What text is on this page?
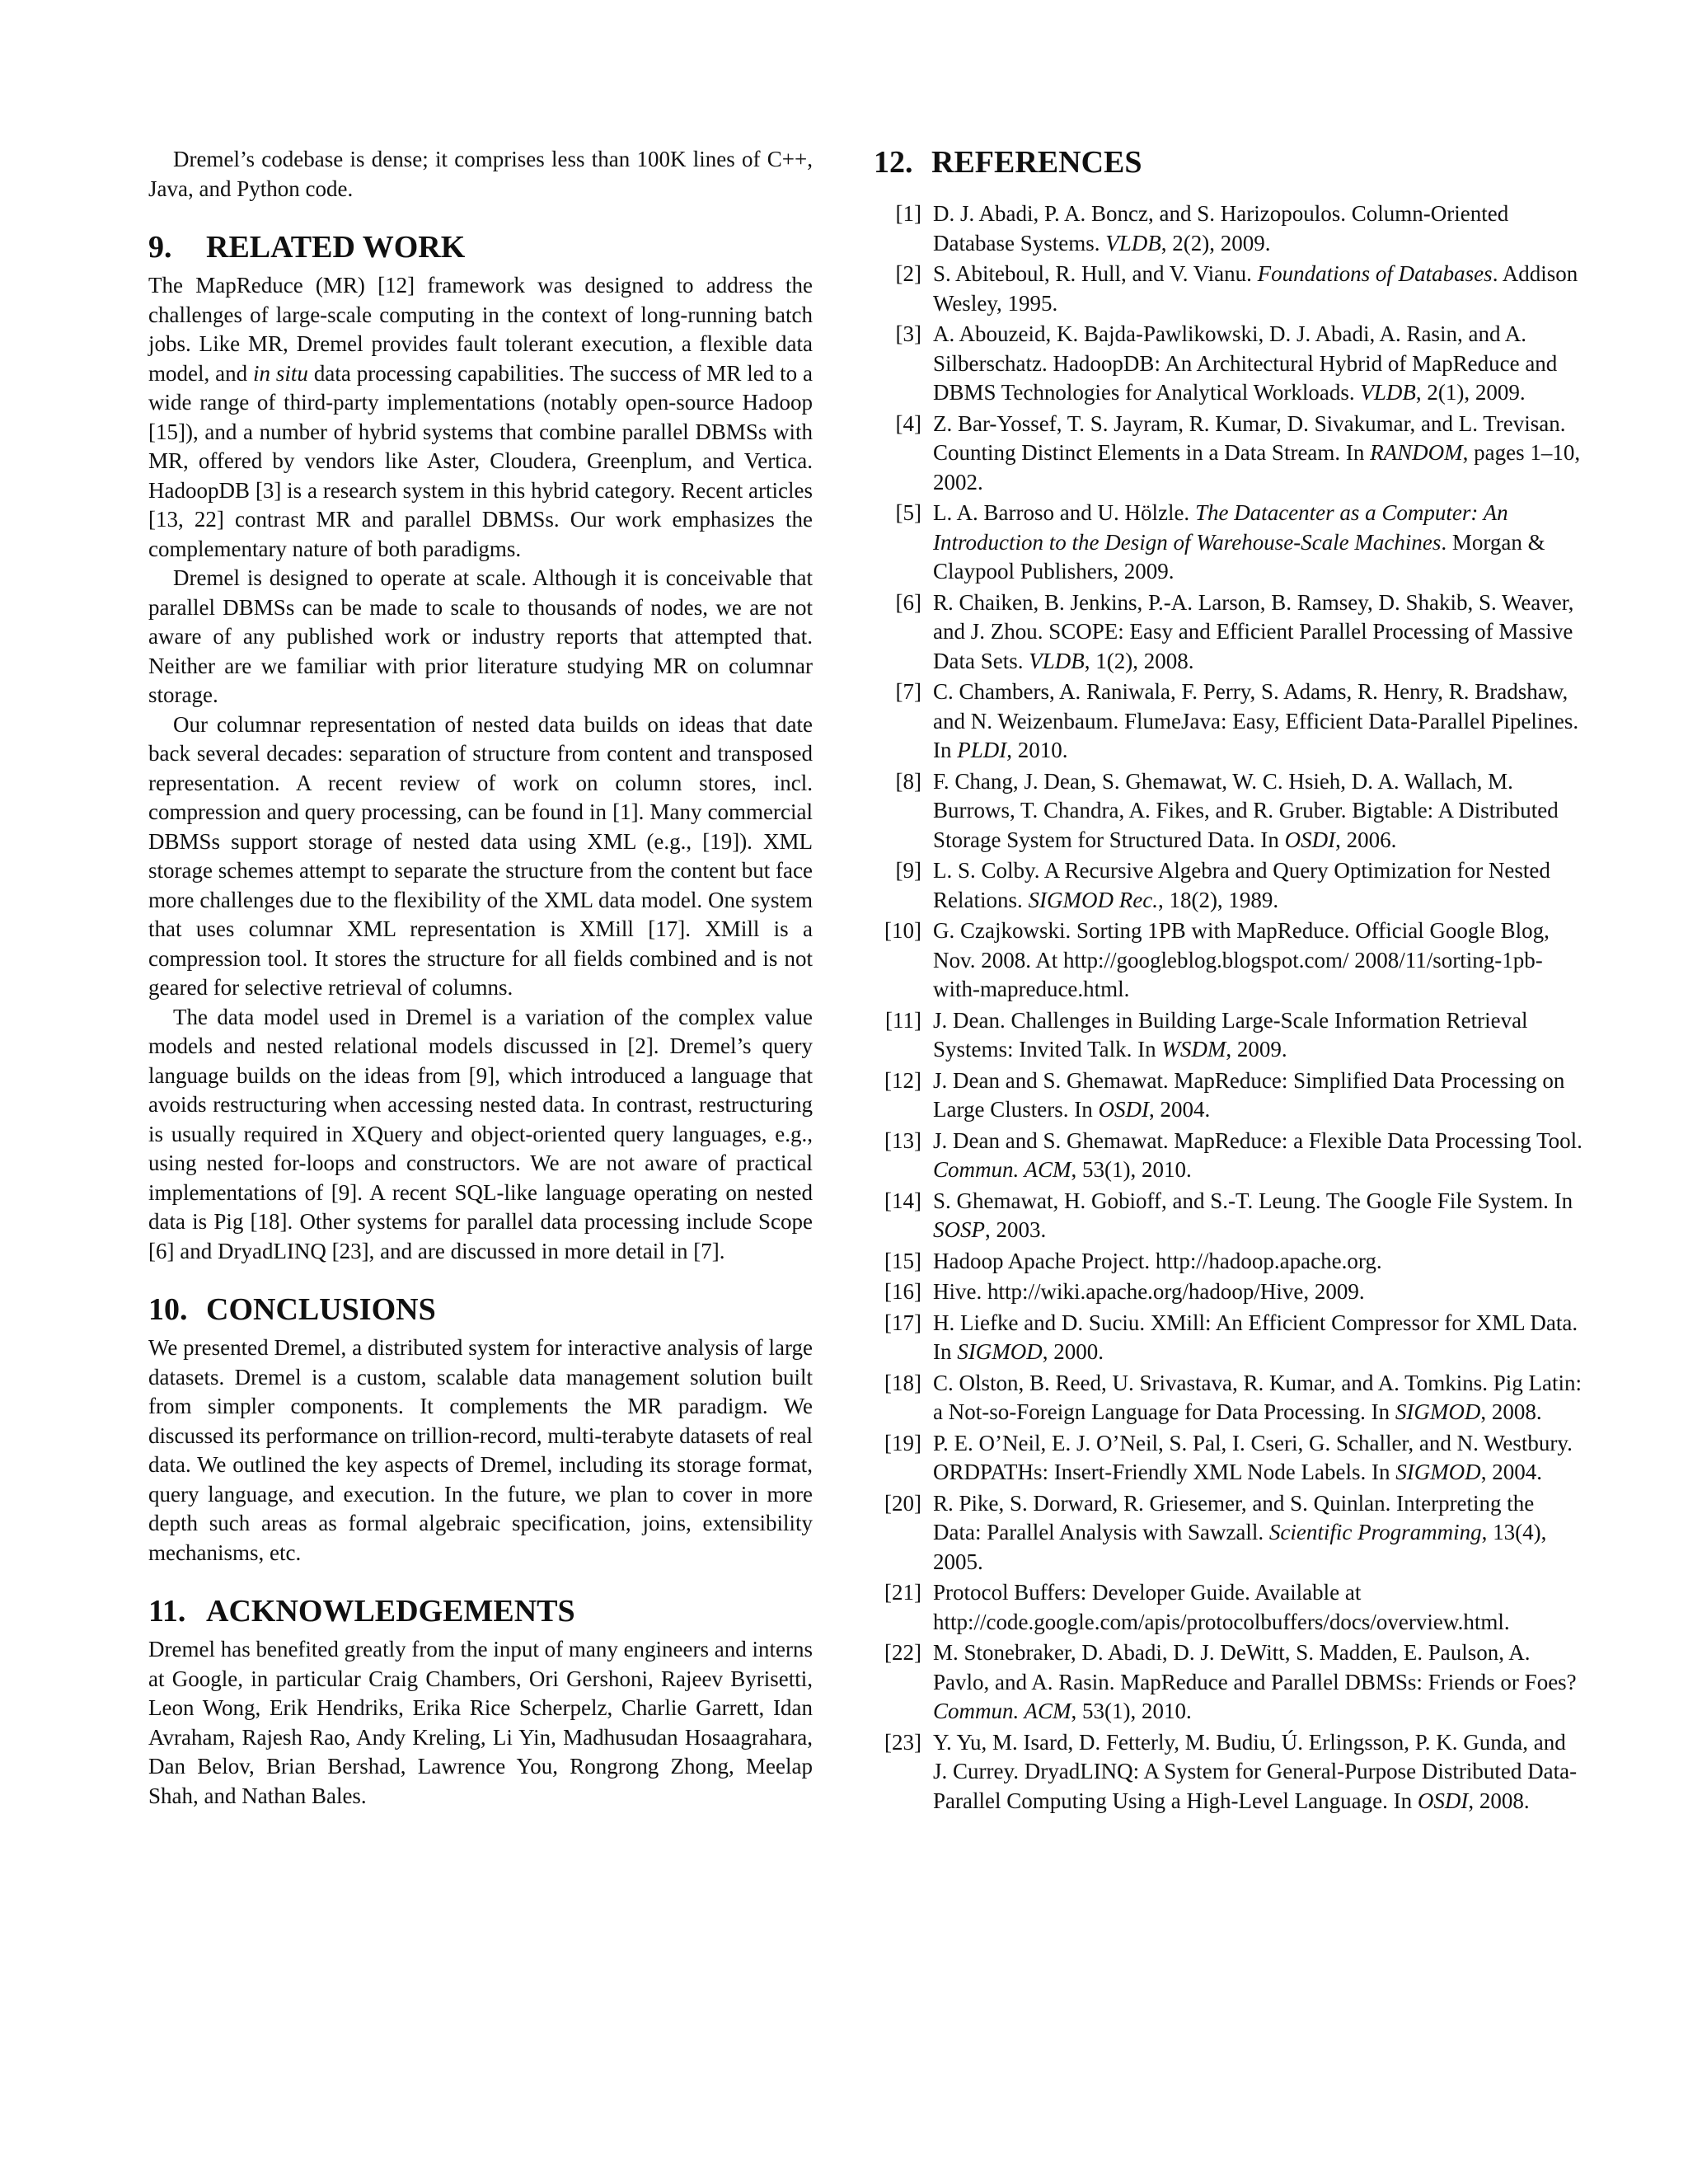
Dremel’s codebase is dense; it comprises less than 100K lines of C++, Java, and Python code.

9. RELATED WORK

The MapReduce (MR) [12] framework was designed to address the challenges of large-scale computing in the context of long-running batch jobs. Like MR, Dremel provides fault tolerant execution, a flexible data model, and in situ data processing capabilities. The success of MR led to a wide range of third-party implementations (notably open-source Hadoop [15]), and a number of hybrid systems that combine parallel DBMSs with MR, offered by vendors like Aster, Cloudera, Greenplum, and Vertica. HadoopDB [3] is a research system in this hybrid category. Recent articles [13, 22] contrast MR and parallel DBMSs. Our work emphasizes the complementary nature of both paradigms.

Dremel is designed to operate at scale. Although it is conceivable that parallel DBMSs can be made to scale to thousands of nodes, we are not aware of any published work or industry reports that attempted that. Neither are we familiar with prior literature studying MR on columnar storage.

Our columnar representation of nested data builds on ideas that date back several decades: separation of structure from content and transposed representation. A recent review of work on column stores, incl. compression and query processing, can be found in [1]. Many commercial DBMSs support storage of nested data using XML (e.g., [19]). XML storage schemes attempt to separate the structure from the content but face more challenges due to the flexibility of the XML data model. One system that uses columnar XML representation is XMill [17]. XMill is a compression tool. It stores the structure for all fields combined and is not geared for selective retrieval of columns.

The data model used in Dremel is a variation of the complex value models and nested relational models discussed in [2]. Dremel’s query language builds on the ideas from [9], which introduced a language that avoids restructuring when accessing nested data. In contrast, restructuring is usually required in XQuery and object-oriented query languages, e.g., using nested for-loops and constructors. We are not aware of practical implementations of [9]. A recent SQL-like language operating on nested data is Pig [18]. Other systems for parallel data processing include Scope [6] and DryadLINQ [23], and are discussed in more detail in [7].

10. CONCLUSIONS

We presented Dremel, a distributed system for interactive analysis of large datasets. Dremel is a custom, scalable data management solution built from simpler components. It complements the MR paradigm. We discussed its performance on trillion-record, multi-terabyte datasets of real data. We outlined the key aspects of Dremel, including its storage format, query language, and execution. In the future, we plan to cover in more depth such areas as formal algebraic specification, joins, extensibility mechanisms, etc.

11. ACKNOWLEDGEMENTS

Dremel has benefited greatly from the input of many engineers and interns at Google, in particular Craig Chambers, Ori Gershoni, Rajeev Byrisetti, Leon Wong, Erik Hendriks, Erika Rice Scherpelz, Charlie Garrett, Idan Avraham, Rajesh Rao, Andy Kreling, Li Yin, Madhusudan Hosaagrahara, Dan Belov, Brian Bershad, Lawrence You, Rongrong Zhong, Meelap Shah, and Nathan Bales.

12. REFERENCES
[1] D. J. Abadi, P. A. Boncz, and S. Harizopoulos. Column-Oriented Database Systems. VLDB, 2(2), 2009.
[2] S. Abiteboul, R. Hull, and V. Vianu. Foundations of Databases. Addison Wesley, 1995.
[3] A. Abouzeid, K. Bajda-Pawlikowski, D. J. Abadi, A. Rasin, and A. Silberschatz. HadoopDB: An Architectural Hybrid of MapReduce and DBMS Technologies for Analytical Workloads. VLDB, 2(1), 2009.
[4] Z. Bar-Yossef, T. S. Jayram, R. Kumar, D. Sivakumar, and L. Trevisan. Counting Distinct Elements in a Data Stream. In RANDOM, pages 1–10, 2002.
[5] L. A. Barroso and U. Hölzle. The Datacenter as a Computer: An Introduction to the Design of Warehouse-Scale Machines. Morgan & Claypool Publishers, 2009.
[6] R. Chaiken, B. Jenkins, P.-A. Larson, B. Ramsey, D. Shakib, S. Weaver, and J. Zhou. SCOPE: Easy and Efficient Parallel Processing of Massive Data Sets. VLDB, 1(2), 2008.
[7] C. Chambers, A. Raniwala, F. Perry, S. Adams, R. Henry, R. Bradshaw, and N. Weizenbaum. FlumeJava: Easy, Efficient Data-Parallel Pipelines. In PLDI, 2010.
[8] F. Chang, J. Dean, S. Ghemawat, W. C. Hsieh, D. A. Wallach, M. Burrows, T. Chandra, A. Fikes, and R. Gruber. Bigtable: A Distributed Storage System for Structured Data. In OSDI, 2006.
[9] L. S. Colby. A Recursive Algebra and Query Optimization for Nested Relations. SIGMOD Rec., 18(2), 1989.
[10] G. Czajkowski. Sorting 1PB with MapReduce. Official Google Blog, Nov. 2008. At http://googleblog.blogspot.com/ 2008/11/sorting-1pb-with-mapreduce.html.
[11] J. Dean. Challenges in Building Large-Scale Information Retrieval Systems: Invited Talk. In WSDM, 2009.
[12] J. Dean and S. Ghemawat. MapReduce: Simplified Data Processing on Large Clusters. In OSDI, 2004.
[13] J. Dean and S. Ghemawat. MapReduce: a Flexible Data Processing Tool. Commun. ACM, 53(1), 2010.
[14] S. Ghemawat, H. Gobioff, and S.-T. Leung. The Google File System. In SOSP, 2003.
[15] Hadoop Apache Project. http://hadoop.apache.org.
[16] Hive. http://wiki.apache.org/hadoop/Hive, 2009.
[17] H. Liefke and D. Suciu. XMill: An Efficient Compressor for XML Data. In SIGMOD, 2000.
[18] C. Olston, B. Reed, U. Srivastava, R. Kumar, and A. Tomkins. Pig Latin: a Not-so-Foreign Language for Data Processing. In SIGMOD, 2008.
[19] P. E. O’Neil, E. J. O’Neil, S. Pal, I. Cseri, G. Schaller, and N. Westbury. ORDPATHs: Insert-Friendly XML Node Labels. In SIGMOD, 2004.
[20] R. Pike, S. Dorward, R. Griesemer, and S. Quinlan. Interpreting the Data: Parallel Analysis with Sawzall. Scientific Programming, 13(4), 2005.
[21] Protocol Buffers: Developer Guide. Available at http://code.google.com/apis/protocolbuffers/docs/overview.html.
[22] M. Stonebraker, D. Abadi, D. J. DeWitt, S. Madden, E. Paulson, A. Pavlo, and A. Rasin. MapReduce and Parallel DBMSs: Friends or Foes? Commun. ACM, 53(1), 2010.
[23] Y. Yu, M. Isard, D. Fetterly, M. Budiu, Ú. Erlingsson, P. K. Gunda, and J. Currey. DryadLINQ: A System for General-Purpose Distributed Data-Parallel Computing Using a High-Level Language. In OSDI, 2008.
